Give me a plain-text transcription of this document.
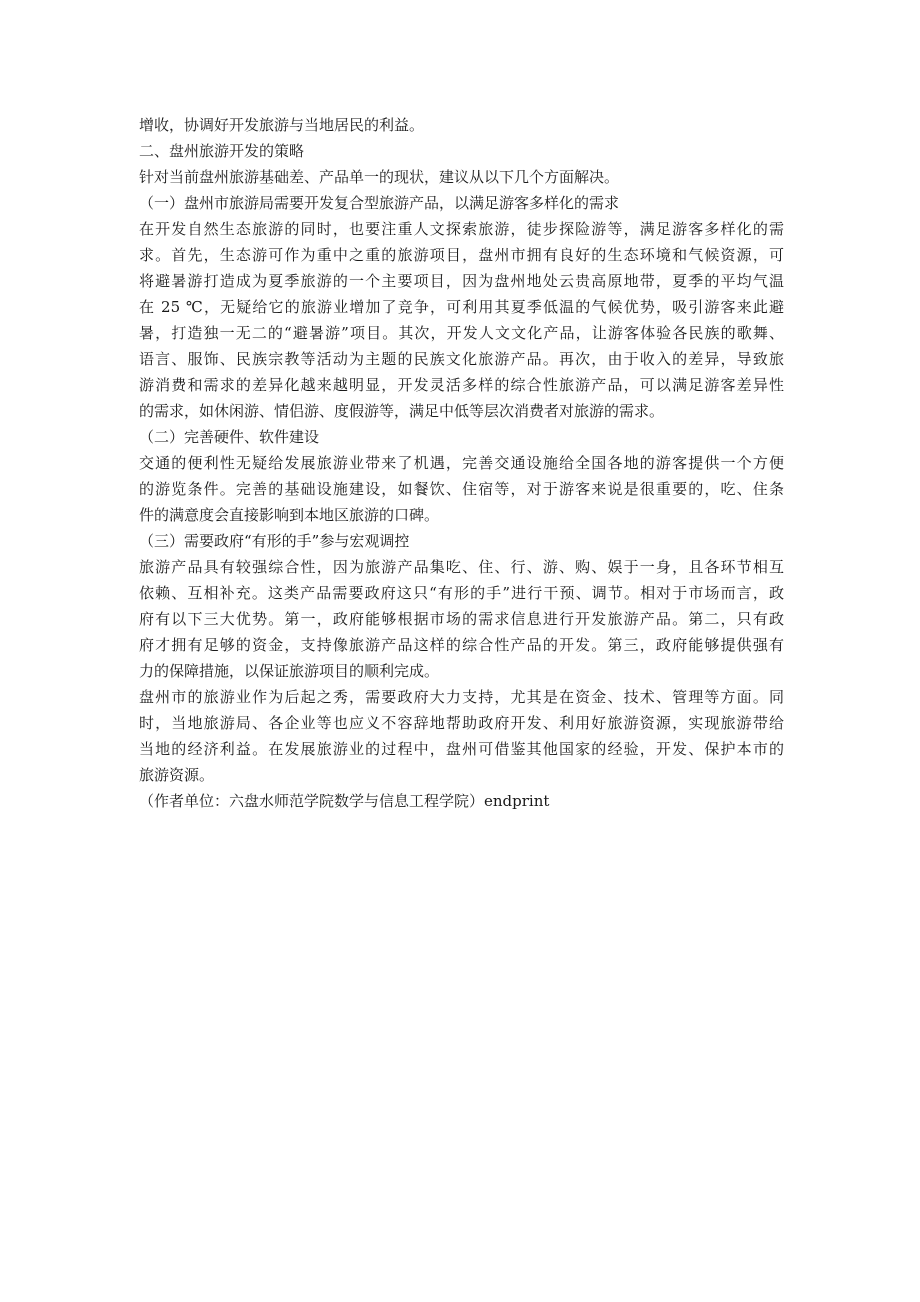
增收，协调好开发旅游与当地居民的利益。
二、盘州旅游开发的策略
针对当前盘州旅游基础差、产品单一的现状，建议从以下几个方面解决。
（一）盘州市旅游局需要开发复合型旅游产品，以满足游客多样化的需求
在开发自然生态旅游的同时，也要注重人文探索旅游，徒步探险游等，满足游客多样化的需
求。首先，生态游可作为重中之重的旅游项目，盘州市拥有良好的生态环境和气候资源，可
将避暑游打造成为夏季旅游的一个主要项目，因为盘州地处云贵高原地带，夏季的平均气温
在 25 ℃，无疑给它的旅游业增加了竞争，可利用其夏季低温的气候优势，吸引游客来此避
暑，打造独一无二的“避暑游”项目。其次，开发人文文化产品，让游客体验各民族的歌舞、
语言、服饰、民族宗教等活动为主题的民族文化旅游产品。再次，由于收入的差异，导致旅
游消费和需求的差异化越来越明显，开发灵活多样的综合性旅游产品，可以满足游客差异性
的需求，如休闲游、情侣游、度假游等，满足中低等层次消费者对旅游的需求。
（二）完善硬件、软件建设
交通的便利性无疑给发展旅游业带来了机遇，完善交通设施给全国各地的游客提供一个方便
的游览条件。完善的基础设施建设，如餐饮、住宿等，对于游客来说是很重要的，吃、住条
件的满意度会直接影响到本地区旅游的口碑。
（三）需要政府“有形的手”参与宏观调控
旅游产品具有较强综合性，因为旅游产品集吃、住、行、游、购、娱于一身，且各环节相互
依赖、互相补充。这类产品需要政府这只“有形的手”进行干预、调节。相对于市场而言，政
府有以下三大优势。第一，政府能够根据市场的需求信息进行开发旅游产品。第二，只有政
府才拥有足够的资金，支持像旅游产品这样的综合性产品的开发。第三，政府能够提供强有
力的保障措施，以保证旅游项目的顺利完成。
盘州市的旅游业作为后起之秀，需要政府大力支持，尤其是在资金、技术、管理等方面。同
时，当地旅游局、各企业等也应义不容辞地帮助政府开发、利用好旅游资源，实现旅游带给
当地的经济利益。在发展旅游业的过程中，盘州可借鉴其他国家的经验，开发、保护本市的
旅游资源。
（作者单位：六盘水师范学院数学与信息工程学院）endprint
